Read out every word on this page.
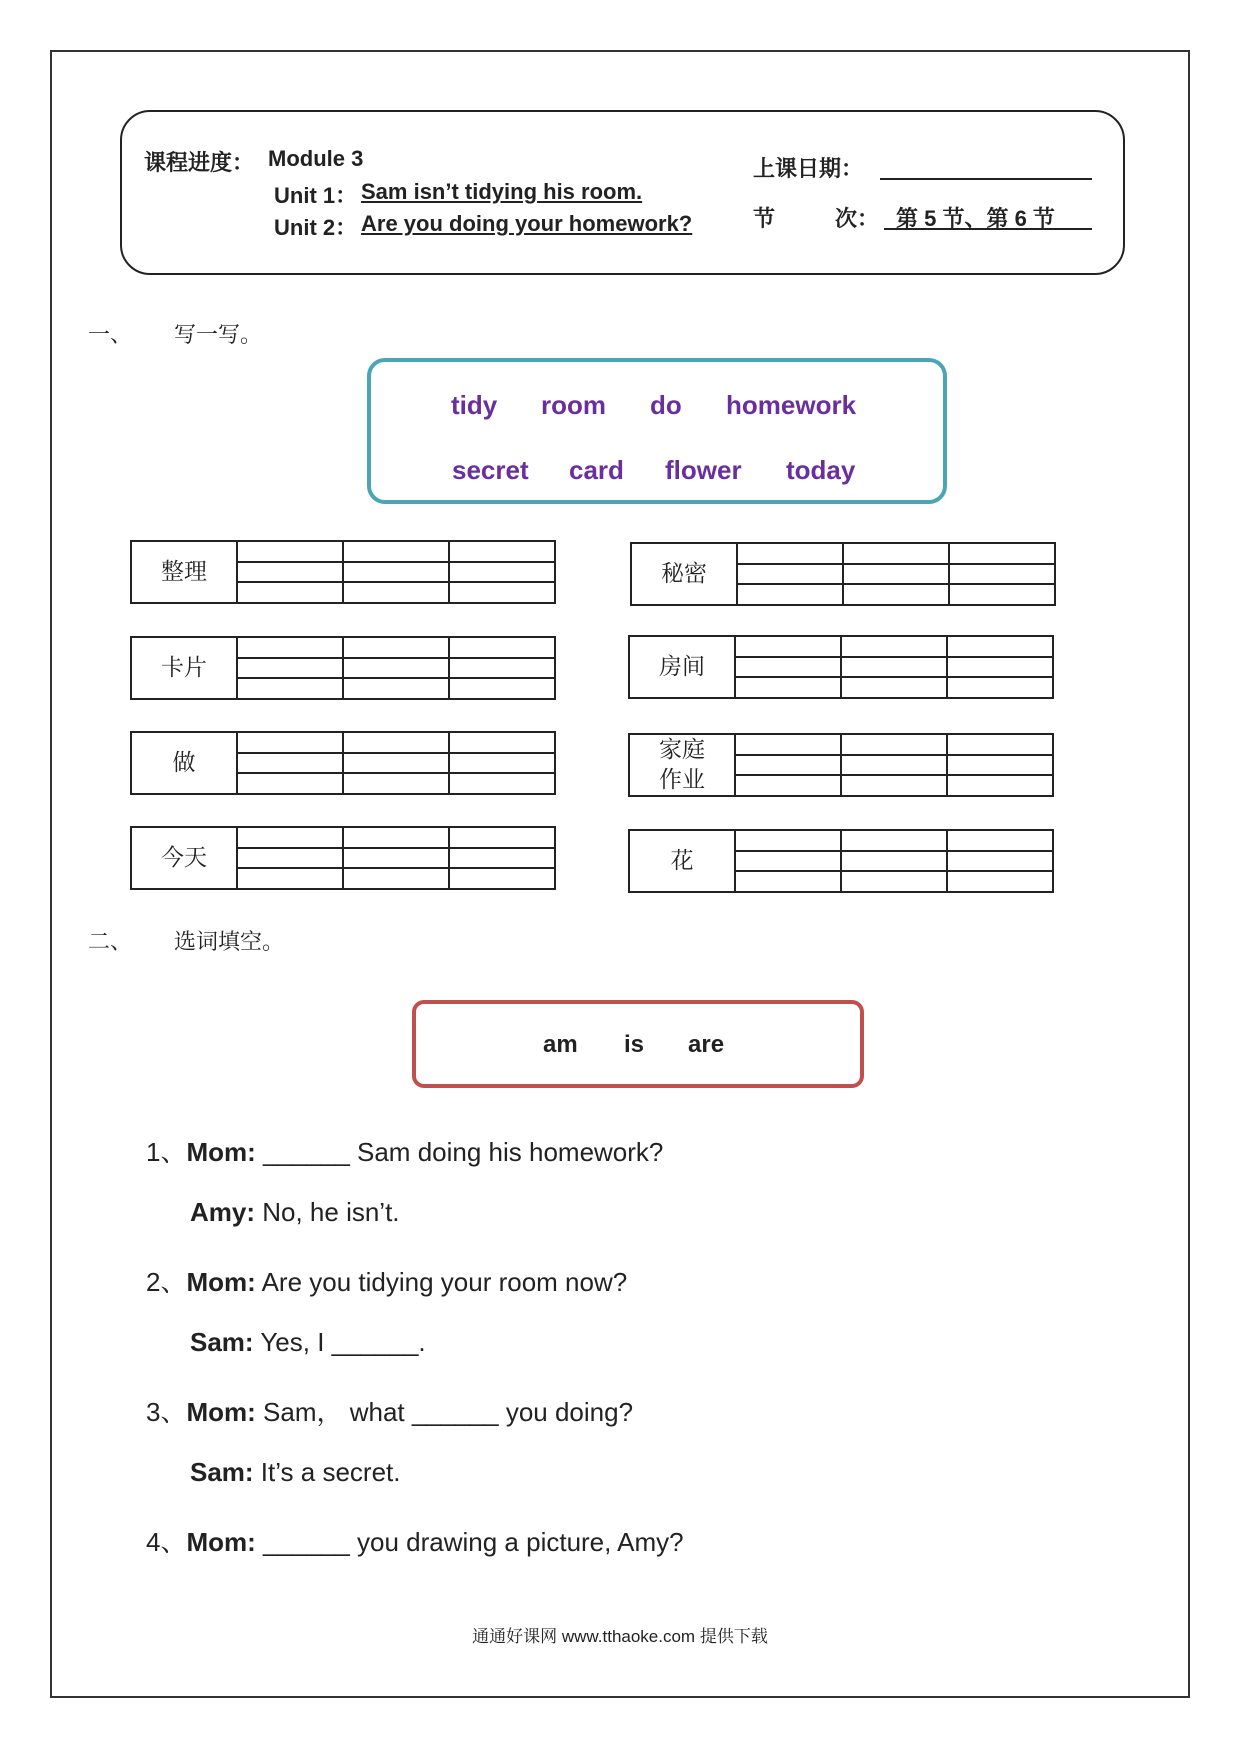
课程进度： Module 3
Unit 1： Sam isn’t tidying his room.
Unit 2： Are you doing your homework?
上课日期：
节	次： 第 5 节、第 6 节
一、 写一写。
tidy room do homework
secret card flower today
整理
卡片
做
今天
秘密
房间
家庭作业
花
二、 选词填空。
am is are
1、Mom: ______ Sam doing his homework?
Amy: No, he isn’t.
2、Mom: Are you tidying your room now?
Sam: Yes, I ______.
3、Mom: Sam， what ______ you doing?
Sam: It’s a secret.
4、Mom: ______ you drawing a picture, Amy?
通通好课网 www.tthaoke.com 提供下载
